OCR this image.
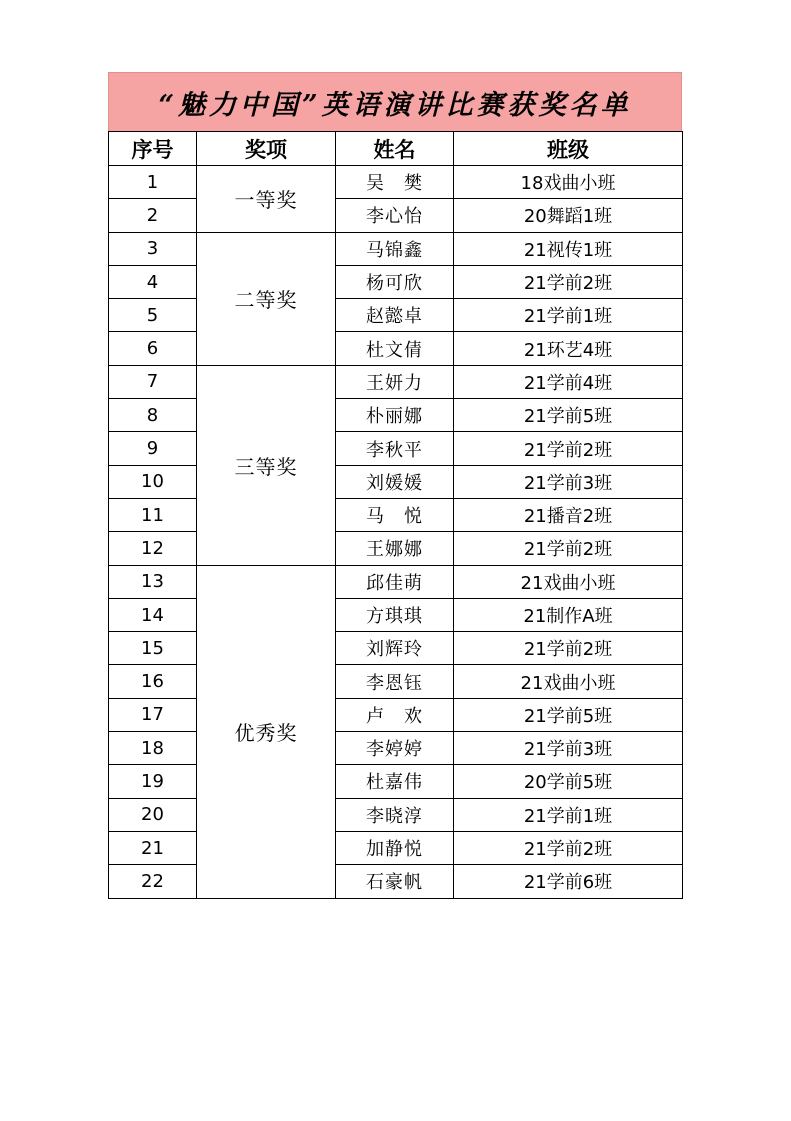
“魅力中国”英语演讲比赛获奖名单
序号	奖项	姓名	班级
1	一等奖	吴　樊	18戏曲小班
2		李心怡	20舞蹈1班
3	二等奖	马锦鑫	21视传1班
4		杨可欣	21学前2班
5		赵懿卓	21学前1班
6		杜文倩	21环艺4班
7	三等奖	王妍力	21学前4班
8		朴丽娜	21学前5班
9		李秋平	21学前2班
10		刘媛媛	21学前3班
11		马　悦	21播音2班
12		王娜娜	21学前2班
13	优秀奖	邱佳萌	21戏曲小班
14		方琪琪	21制作A班
15		刘辉玲	21学前2班
16		李恩钰	21戏曲小班
17		卢　欢	21学前5班
18		李婷婷	21学前3班
19		杜嘉伟	20学前5班
20		李晓淳	21学前1班
21		加静悦	21学前2班
22		石豪帆	21学前6班
